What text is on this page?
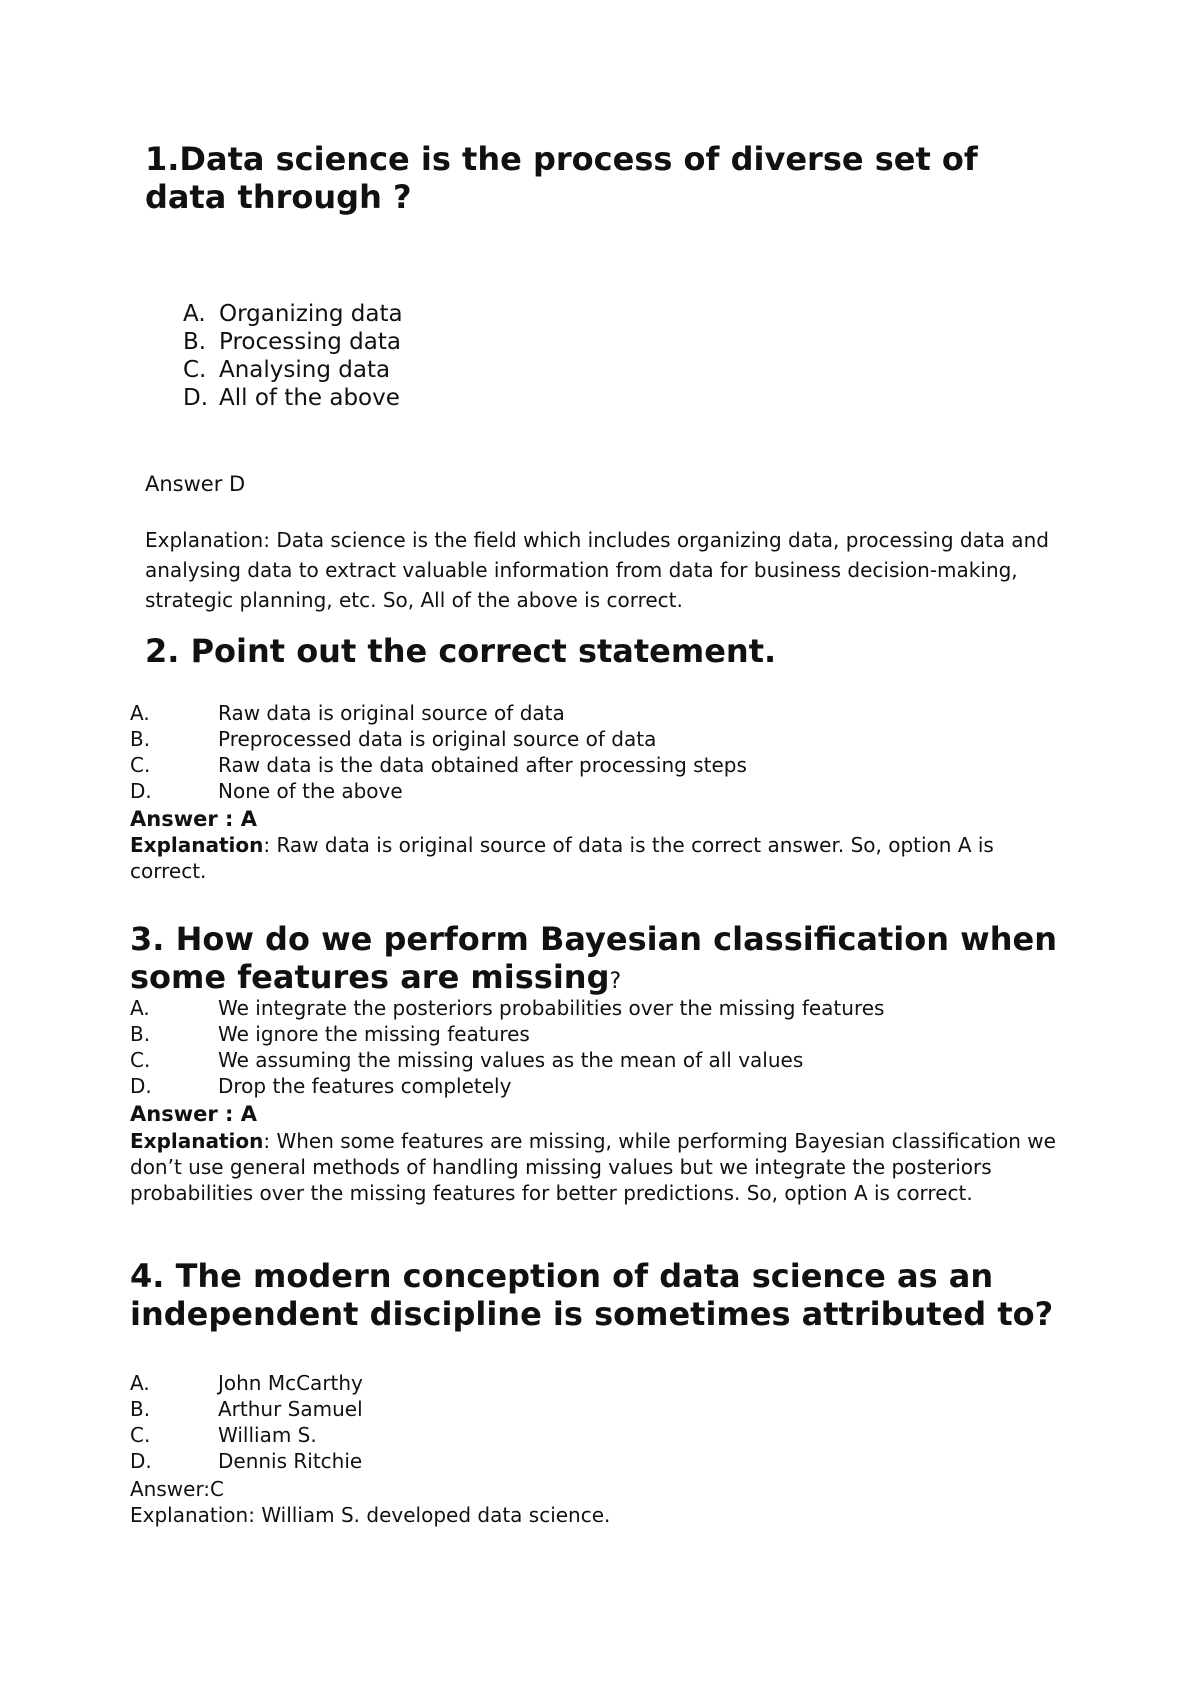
1.Data science is the process of diverse set of data through ?
A. Organizing data
B. Processing data
C. Analysing data
D. All of the above
Answer D
Explanation: Data science is the field which includes organizing data, processing data and analysing data to extract valuable information from data for business decision-making, strategic planning, etc. So, All of the above is correct.
2. Point out the correct statement.
A.	Raw data is original source of data
B.	Preprocessed data is original source of data
C.	Raw data is the data obtained after processing steps
D.	None of the above
Answer : A
Explanation: Raw data is original source of data is the correct answer. So, option A is correct.
3. How do we perform Bayesian classification when some features are missing?
A.	We integrate the posteriors probabilities over the missing features
B.	We ignore the missing features
C.	We assuming the missing values as the mean of all values
D.	Drop the features completely
Answer : A
Explanation: When some features are missing, while performing Bayesian classification we don’t use general methods of handling missing values but we integrate the posteriors probabilities over the missing features for better predictions. So, option A is correct.
4. The modern conception of data science as an independent discipline is sometimes attributed to?
A.	John McCarthy
B.	Arthur Samuel
C.	William S.
D.	Dennis Ritchie
Answer:C
Explanation: William S. developed data science.
